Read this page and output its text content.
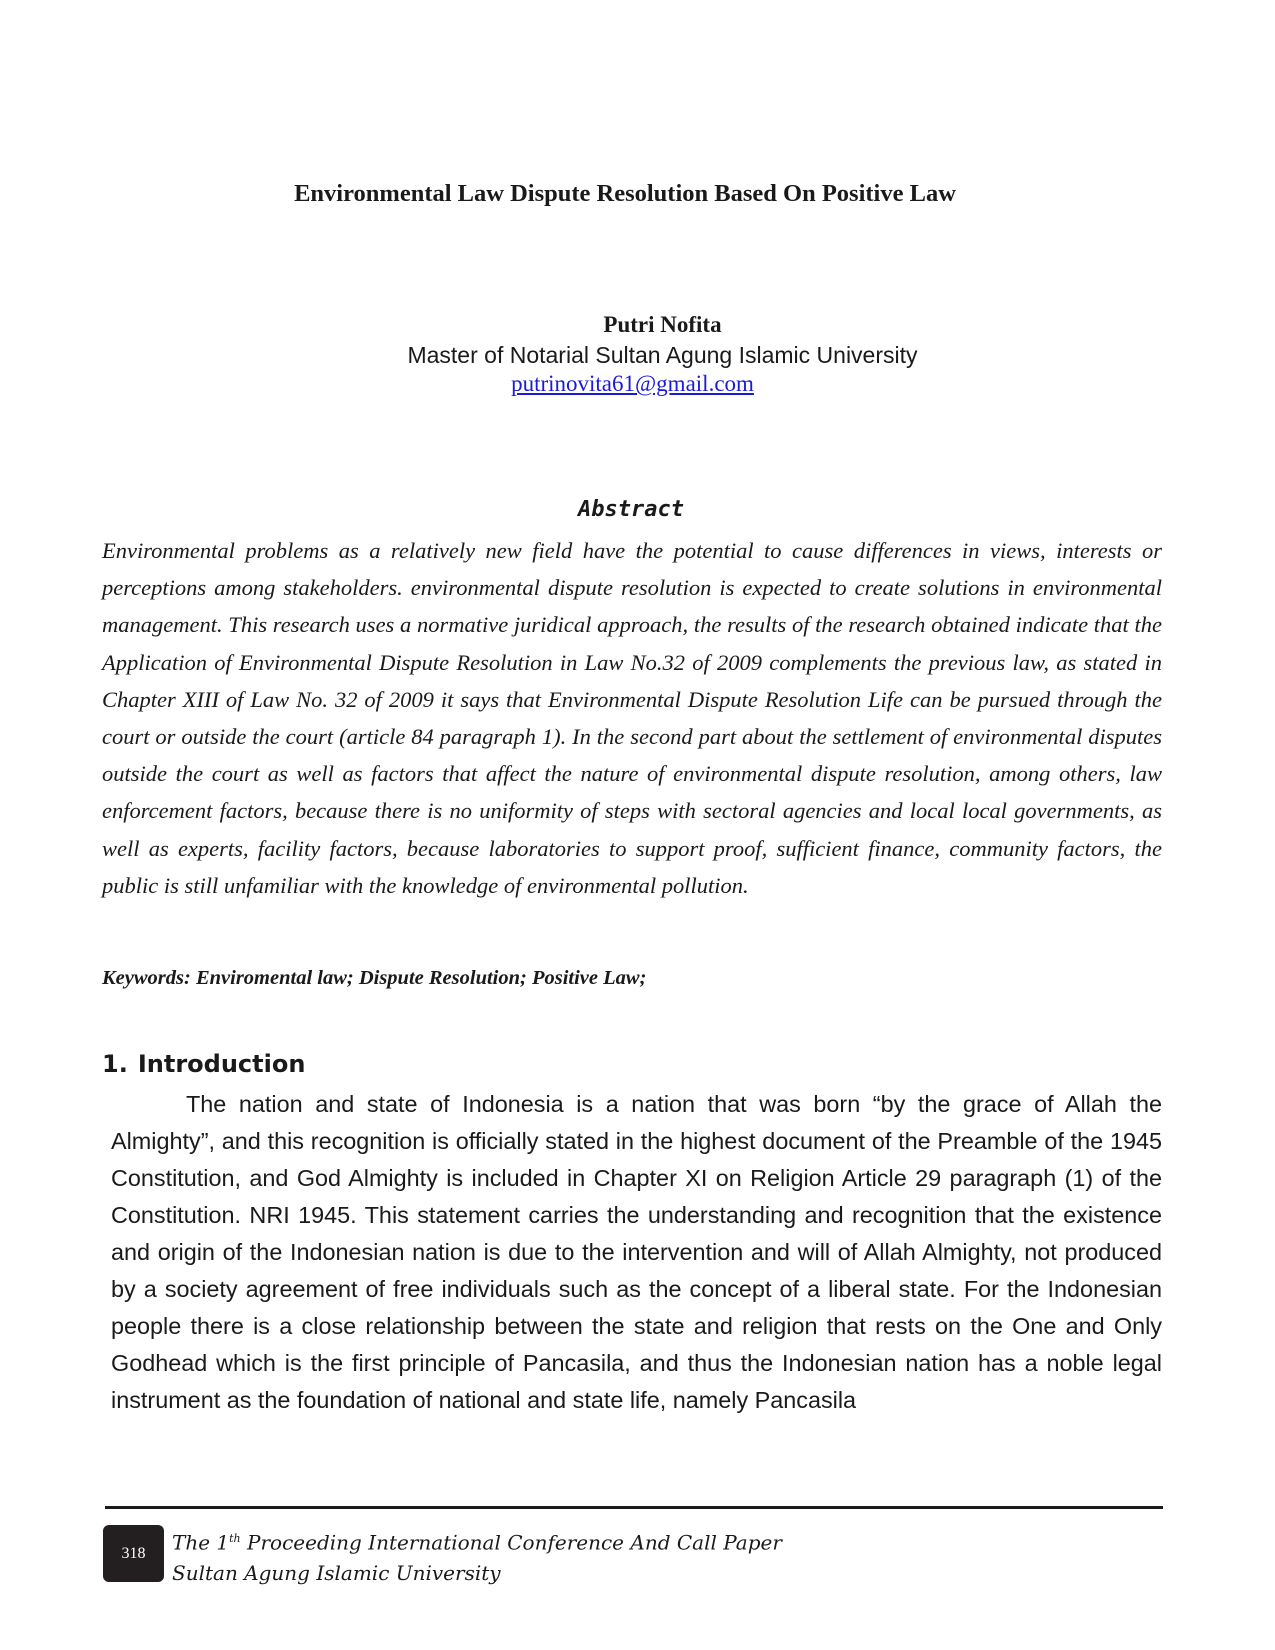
Environmental Law Dispute Resolution Based On Positive Law
Putri Nofita
Master of Notarial Sultan Agung Islamic University
putrinovita61@gmail.com
Abstract

Environmental problems as a relatively new field have the potential to cause differences in views, interests or perceptions among stakeholders. environmental dispute resolution is expected to create solutions in environmental management. This research uses a normative juridical approach, the results of the research obtained indicate that the Application of Environmental Dispute Resolution in Law No.32 of 2009 complements the previous law, as stated in Chapter XIII of Law No. 32 of 2009 it says that Environmental Dispute Resolution Life can be pursued through the court or outside the court (article 84 paragraph 1). In the second part about the settlement of environmental disputes outside the court as well as factors that affect the nature of environmental dispute resolution, among others, law enforcement factors, because there is no uniformity of steps with sectoral agencies and local local governments, as well as experts, facility factors, because laboratories to support proof, sufficient finance, community factors, the public is still unfamiliar with the knowledge of environmental pollution.

Keywords: Enviromental law; Dispute Resolution; Positive Law;
1. Introduction

The nation and state of Indonesia is a nation that was born “by the grace of Allah the Almighty”, and this recognition is officially stated in the highest document of the Preamble of the 1945 Constitution, and God Almighty is included in Chapter XI on Religion Article 29 paragraph (1) of the Constitution. NRI 1945. This statement carries the understanding and recognition that the existence and origin of the Indonesian nation is due to the intervention and will of Allah Almighty, not produced by a society agreement of free individuals such as the concept of a liberal state. For the Indonesian people there is a close relationship between the state and religion that rests on the One and Only Godhead which is the first principle of Pancasila, and thus the Indonesian nation has a noble legal instrument as the foundation of national and state life, namely Pancasila

318	The 1th Proceeding International Conference And Call Paper
Sultan Agung Islamic University
